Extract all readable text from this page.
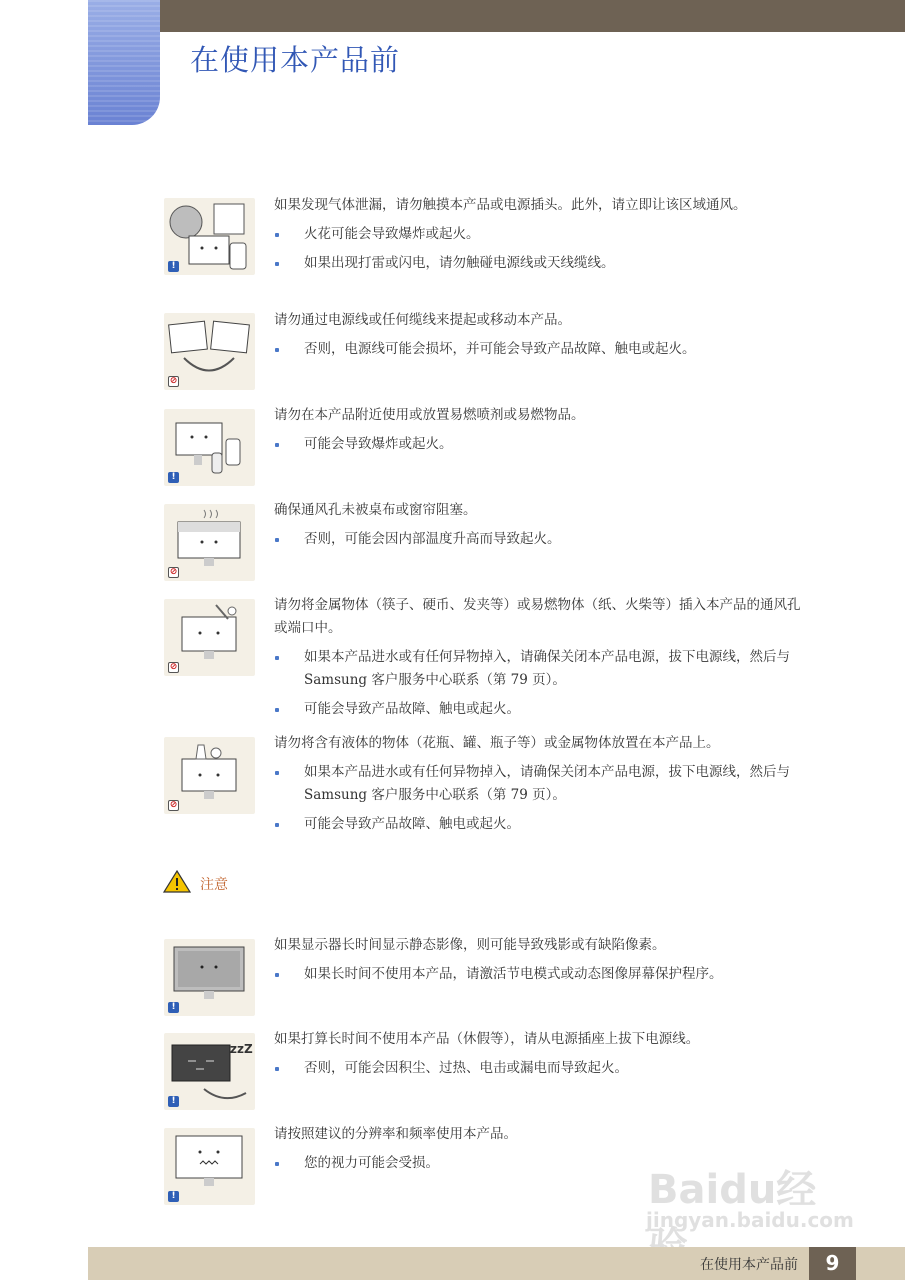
在使用本产品前
!

如果发现气体泄漏，请勿触摸本产品或电源插头。此外，请立即让该区域通风。

火花可能会导致爆炸或起火。
如果出现打雷或闪电，请勿触碰电源线或天线缆线。
⊘

请勿通过电源线或任何缆线来提起或移动本产品。

否则，电源线可能会损坏，并可能会导致产品故障、触电或起火。
!

请勿在本产品附近使用或放置易燃喷剂或易燃物品。

可能会导致爆炸或起火。
⊘

确保通风孔未被桌布或窗帘阻塞。

否则，可能会因内部温度升高而导致起火。
⊘

请勿将金属物体（筷子、硬币、发夹等）或易燃物体（纸、火柴等）插入本产品的通风孔或端口中。

如果本产品进水或有任何异物掉入，请确保关闭本产品电源，拔下电源线，然后与 Samsung 客户服务中心联系（第 79 页）。
可能会导致产品故障、触电或起火。
⊘

请勿将含有液体的物体（花瓶、罐、瓶子等）或金属物体放置在本产品上。

如果本产品进水或有任何异物掉入，请确保关闭本产品电源，拔下电源线，然后与 Samsung 客户服务中心联系（第 79 页）。
可能会导致产品故障、触电或起火。
注意
!

如果显示器长时间显示静态影像，则可能导致残影或有缺陷像素。

如果长时间不使用本产品，请激活节电模式或动态图像屏幕保护程序。
zzZ
!

如果打算长时间不使用本产品（休假等），请从电源插座上拔下电源线。

否则，可能会因积尘、过热、电击或漏电而导致起火。
!

请按照建议的分辨率和频率使用本产品。

您的视力可能会受损。
Baidu经
jingyan.baidu.com
在使用本产品前	9
